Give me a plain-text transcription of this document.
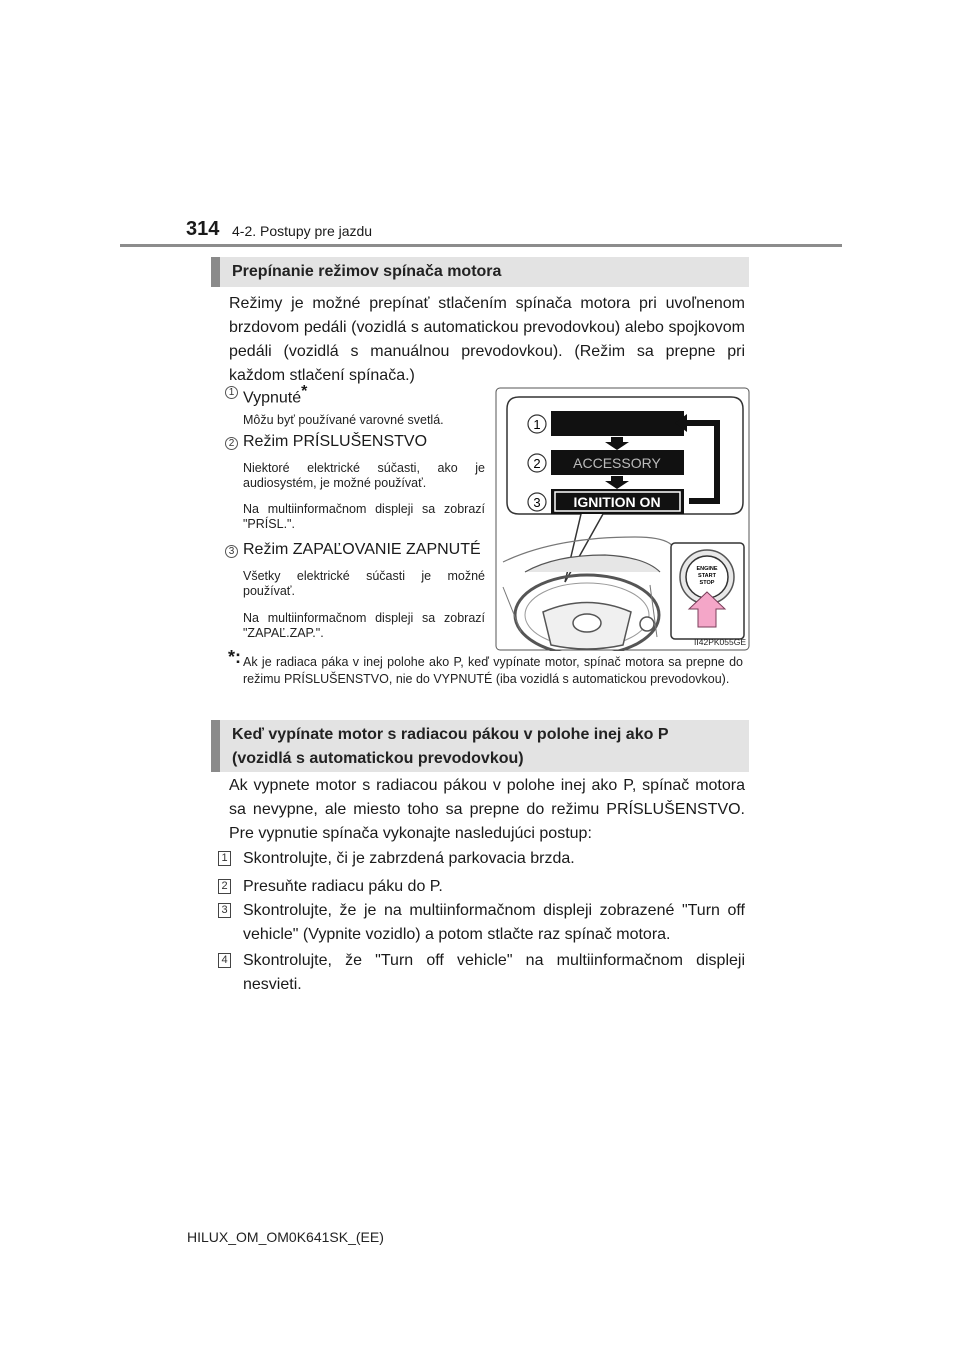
314 4-2. Postupy pre jazdu
Prepínanie režimov spínača motora
Režimy je možné prepínať stlačením spínača motora pri uvoľnenom brzdovom pedáli (vozidlá s automatickou prevodovkou) alebo spojkovom pedáli (vozidlá s manuálnou prevodovkou). (Režim sa prepne pri každom stlačení spínača.)
1 Vypnuté*
Môžu byť používané varovné svetlá.
2 Režim PRÍSLUŠENSTVO
Niektoré elektrické súčasti, ako je audiosystém, je možné používať.
Na multiinformačnom displeji sa zobrazí "PRÍSL.".
3 Režim ZAPAĽOVANIE ZAPNUTÉ
Všetky elektrické súčasti je možné používať.
Na multiinformačnom displeji sa zobrazí "ZAPAĽ.ZAP.".
ACCESSORY
IGNITION ON
1
2
3
ENGINE
START
STOP
II42PK055GE
*: Ak je radiaca páka v inej polohe ako P, keď vypínate motor, spínač motora sa prepne do režimu PRÍSLUŠENSTVO, nie do VYPNUTÉ (iba vozidlá s automatickou prevodovkou).
Keď vypínate motor s radiacou pákou v polohe inej ako P
(vozidlá s automatickou prevodovkou)
Ak vypnete motor s radiacou pákou v polohe inej ako P, spínač motora sa nevypne, ale miesto toho sa prepne do režimu PRÍSLUŠENSTVO. Pre vypnutie spínača vykonajte nasledujúci postup:
1 Skontrolujte, či je zabrzdená parkovacia brzda.
2 Presuňte radiacu páku do P.
3 Skontrolujte, že je na multiinformačnom displeji zobrazené "Turn off vehicle" (Vypnite vozidlo) a potom stlačte raz spínač motora.
4 Skontrolujte, že "Turn off vehicle" na multiinformačnom displeji nesvieti.
HILUX_OM_OM0K641SK_(EE)
